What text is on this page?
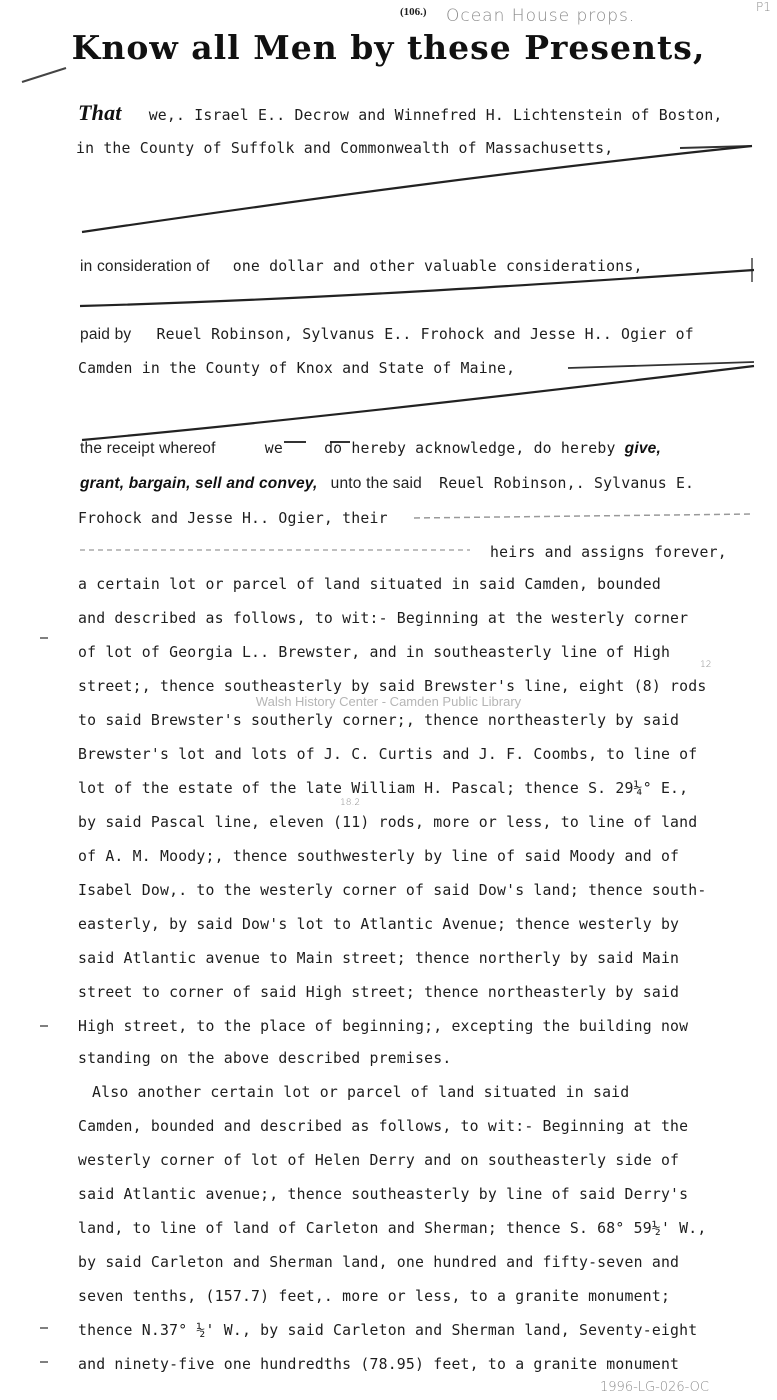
(106.) Ocean House props.	P1
Know all Men by these Presents,
That we,. Israel E.. Decrow and Winnefred H. Lichtenstein of Boston,
in the County of Suffolk and Commonwealth of Massachusetts,
in consideration of one dollar and other valuable considerations,
paid by Reuel Robinson, Sylvanus E.. Frohock and Jesse H.. Ogier of
Camden in the County of Knox and State of Maine,
the receipt whereof	we	do hereby acknowledge, do hereby give,
grant, bargain, sell and convey, unto the said Reuel Robinson,. Sylvanus E.
Frohock and Jesse H.. Ogier, their
heirs and assigns forever,
a certain lot or parcel of land situated in said Camden, bounded
and described as follows, to wit:- Beginning at the westerly corner
of lot of Georgia L.. Brewster, and in southeasterly line of High
street;, thence southeasterly by said Brewster's line, eight (8) rods
to said Brewster's southerly corner;, thence northeasterly by said
Brewster's lot and lots of J. C. Curtis and J. F. Coombs, to line of
lot of the estate of the late William H. Pascal; thence S. 29¼° E.,
by said Pascal line, eleven (11) rods, more or less, to line of land
of A. M. Moody;, thence southwesterly by line of said Moody and of
Isabel Dow,. to the westerly corner of said Dow's land; thence south-
easterly, by said Dow's lot to Atlantic Avenue; thence westerly by
said Atlantic avenue to Main street; thence northerly by said Main
street to corner of said High street; thence northeasterly by said
High street, to the place of beginning;, excepting the building now
standing on the above described premises.
Also another certain lot or parcel of land situated in said
Camden, bounded and described as follows, to wit:- Beginning at the
westerly corner of lot of Helen Derry and on southeasterly side of
said Atlantic avenue;, thence southeasterly by line of said Derry's
land, to line of land of Carleton and Sherman; thence S. 68° 59½' W.,
by said Carleton and Sherman land, one hundred and fifty-seven and
seven tenths, (157.7) feet,. more or less, to a granite monument;
thence N.37° ½' W., by said Carleton and Sherman land, Seventy-eight
and ninety-five one hundredths (78.95) feet, to a granite monument
12
18.2
Walsh History Center - Camden Public Library
1996-LG-026-OC
